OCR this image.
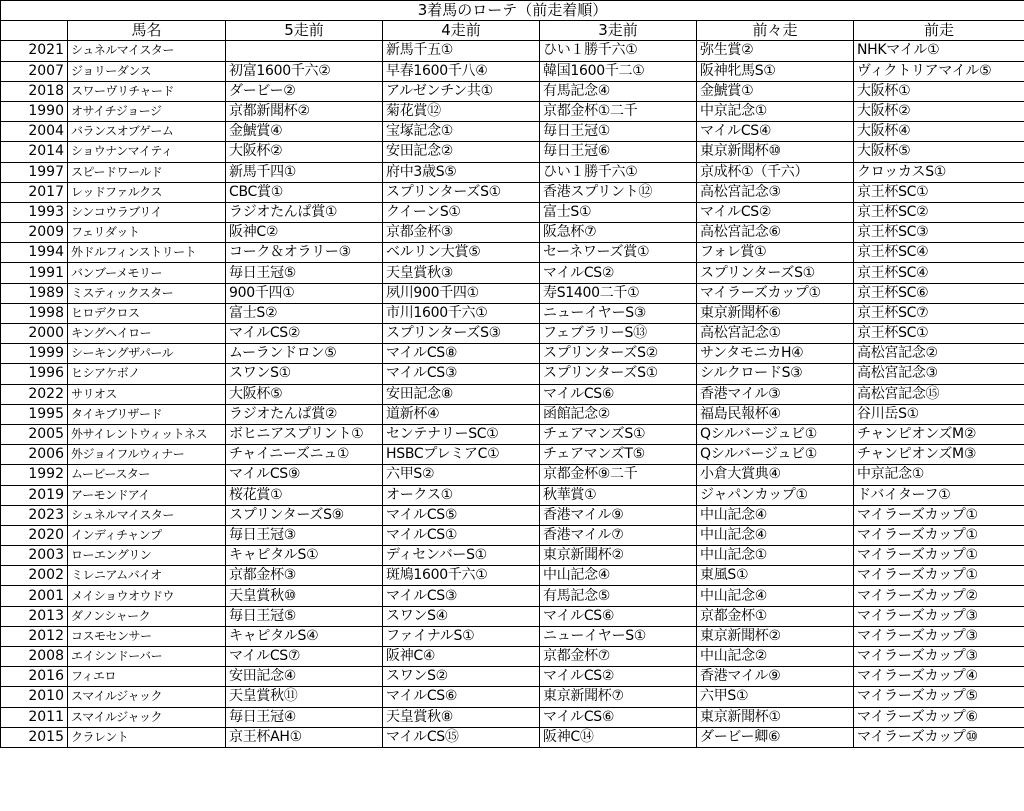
3着馬のローテ（前走着順）						
	馬名	5走前	4走前	3走前	前々走	前走
2021	シュネルマイスター		新馬千五①	ひい１勝千六①	弥生賞②	NHKマイル①
2007	ジョリーダンス	初富1600千六②	早春1600千八④	韓国1600千二①	阪神牝馬S①	ヴィクトリアマイル⑤
2018	スワーヴリチャード	ダービー②	アルゼンチン共①	有馬記念④	金鯱賞①	大阪杯①
1990	オサイチジョージ	京都新聞杯②	菊花賞⑫	京都金杯①二千	中京記念①	大阪杯②
2004	バランスオブゲーム	金鯱賞④	宝塚記念①	毎日王冠①	マイルCS④	大阪杯④
2014	ショウナンマイティ	大阪杯②	安田記念②	毎日王冠⑥	東京新聞杯⑩	大阪杯⑤
1997	スピードワールド	新馬千四①	府中3歳S⑤	ひい１勝千六①	京成杯①（千六）	クロッカスS①
2017	レッドファルクス	CBC賞①	スプリンターズS①	香港スプリント⑫	高松宮記念③	京王杯SC①
1993	シンコウラブリイ	ラジオたんぱ賞①	クイーンS①	富士S①	マイルCS②	京王杯SC②
2009	フェリダット	阪神C②	京都金杯③	阪急杯⑦	高松宮記念⑥	京王杯SC③
1994	外ドルフィンストリート	コーク＆オラリー③	ベルリン大賞⑤	セーネワーズ賞①	フォレ賞①	京王杯SC④
1991	バンブーメモリー	毎日王冠⑤	天皇賞秋③	マイルCS②	スプリンターズS①	京王杯SC④
1989	ミスティックスター	900千四①	夙川900千四①	寿S1400二千①	マイラーズカップ①	京王杯SC⑥
1998	ヒロデクロス	富士S②	市川1600千六①	ニューイヤーS③	東京新聞杯⑥	京王杯SC⑦
2000	キングヘイロー	マイルCS②	スプリンターズS③	フェブラリーS⑬	高松宮記念①	京王杯SC①
1999	シーキングザパール	ムーランドロン⑤	マイルCS⑧	スプリンターズS②	サンタモニカH④	高松宮記念②
1996	ヒシアケボノ	スワンS①	マイルCS③	スプリンターズS①	シルクロードS③	高松宮記念③
2022	サリオス	大阪杯⑤	安田記念⑧	マイルCS⑥	香港マイル③	高松宮記念⑮
1995	タイキブリザード	ラジオたんぱ賞②	道新杯④	函館記念②	福島民報杯④	谷川岳S①
2005	外サイレントウィットネス	ボヒニアスプリント①	センテナリーSC①	チェアマンズS①	Qシルバージュビ①	チャンピオンズM②
2006	外ジョイフルウィナー	チャイニーズニュ①	HSBCプレミアC①	チェアマンズT⑤	Qシルバージュビ①	チャンピオンズM③
1992	ムービースター	マイルCS⑨	六甲S②	京都金杯⑨二千	小倉大賞典④	中京記念①
2019	アーモンドアイ	桜花賞①	オークス①	秋華賞①	ジャパンカップ①	ドバイターフ①
2023	シュネルマイスター	スプリンターズS⑨	マイルCS⑤	香港マイル⑨	中山記念④	マイラーズカップ①
2020	インディチャンプ	毎日王冠③	マイルCS①	香港マイル⑦	中山記念④	マイラーズカップ①
2003	ローエングリン	キャピタルS①	ディセンバーS①	東京新聞杯②	中山記念①	マイラーズカップ①
2002	ミレニアムバイオ	京都金杯③	斑鳩1600千六①	中山記念④	東風S①	マイラーズカップ①
2001	メイショウオウドウ	天皇賞秋⑩	マイルCS③	有馬記念⑤	中山記念④	マイラーズカップ②
2013	ダノンシャーク	毎日王冠⑤	スワンS④	マイルCS⑥	京都金杯①	マイラーズカップ③
2012	コスモセンサー	キャピタルS④	ファイナルS①	ニューイヤーS①	東京新聞杯②	マイラーズカップ③
2008	エイシンドーバー	マイルCS⑦	阪神C④	京都金杯⑦	中山記念②	マイラーズカップ③
2016	フィエロ	安田記念④	スワンS②	マイルCS②	香港マイル⑨	マイラーズカップ④
2010	スマイルジャック	天皇賞秋⑪	マイルCS⑥	東京新聞杯⑦	六甲S①	マイラーズカップ⑤
2011	スマイルジャック	毎日王冠④	天皇賞秋⑧	マイルCS⑥	東京新聞杯①	マイラーズカップ⑥
2015	クラレント	京王杯AH①	マイルCS⑮	阪神C⑭	ダービー卿⑥	マイラーズカップ⑩
